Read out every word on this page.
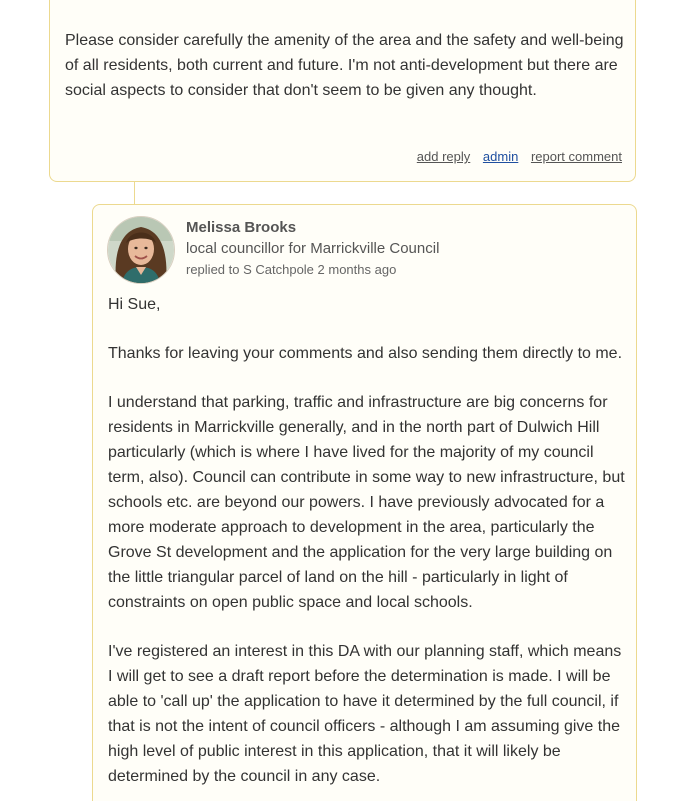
Please consider carefully the amenity of the area and the safety and well-being of all residents, both current and future. I'm not anti-development but there are social aspects to consider that don't seem to be given any thought.

add reply admin report comment
Melissa Brooks
local councillor for Marrickville Council
replied to S Catchpole 2 months ago

Hi Sue,

Thanks for leaving your comments and also sending them directly to me.

I understand that parking, traffic and infrastructure are big concerns for residents in Marrickville generally, and in the north part of Dulwich Hill particularly (which is where I have lived for the majority of my council term, also). Council can contribute in some way to new infrastructure, but schools etc. are beyond our powers. I have previously advocated for a more moderate approach to development in the area, particularly the Grove St development and the application for the very large building on the little triangular parcel of land on the hill - particularly in light of constraints on open public space and local schools.

I've registered an interest in this DA with our planning staff, which means I will get to see a draft report before the determination is made. I will be able to 'call up' the application to have it determined by the full council, if that is not the intent of council officers - although I am assuming give the high level of public interest in this application, that it will likely be determined by the council in any case.
